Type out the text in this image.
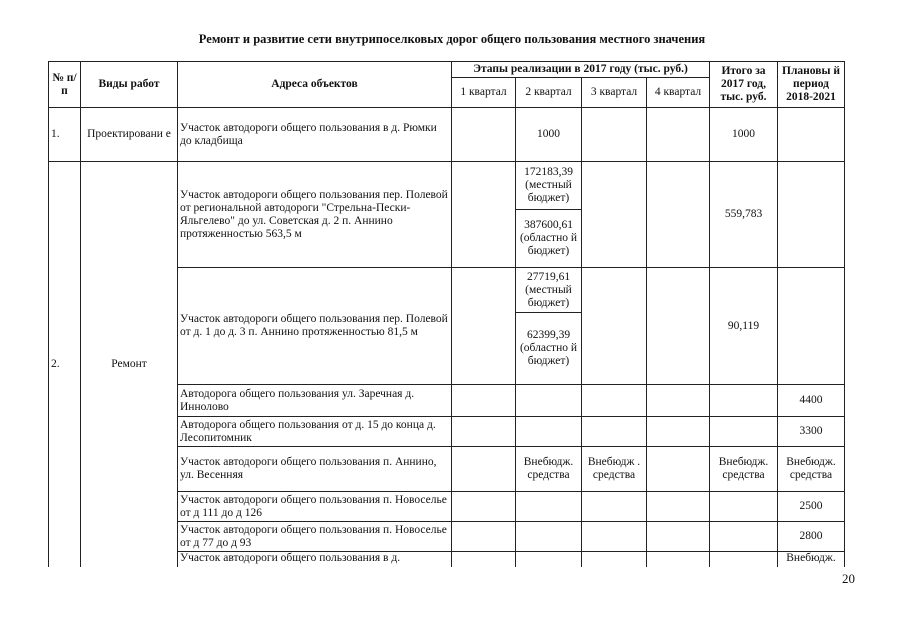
Ремонт и развитие сети внутрипоселковых дорог общего пользования местного значения
№ п/ п	Виды работ	Адреса объектов	Этапы реализации в 2017 году (тыс. руб.)				Итого за 2017 год, тыс. руб.	Плановы й период 2018-2021
			1 квартал	2 квартал	3 квартал	4 квартал		
1.	Проектировани е	Участок автодороги общего пользования в д. Рюмки до кладбища		1000			1000	
2.	Ремонт	Участок автодороги общего пользования пер. Полевой от региональной автодороги "Стрельна-Пески-Яльгелево" до ул. Советская д. 2 п. Аннино протяженностью 563,5 м		172183,39 (местный бюджет)			559,783	
				387600,61 (областно й бюджет)				
		Участок автодороги общего пользования пер. Полевой от д. 1 до д. 3 п. Аннино протяженностью 81,5 м		27719,61 (местный бюджет)			90,119	
				62399,39 (областно й бюджет)				
		Автодорога общего пользования ул. Заречная д. Иннолово						4400
		Автодорога общего пользования от д. 15 до конца д. Лесопитомник						3300
		Участок автодороги общего пользования п. Аннино, ул. Весенняя		Внебюдж. средства	Внебюдж . средства		Внебюдж. средства	Внебюдж. средства
		Участок автодороги общего пользования п. Новоселье от д 111 до д 126						2500
		Участок автодороги общего пользования п. Новоселье от д 77 до д 93						2800
		Участок автодороги общего пользования в д.						Внебюдж.
20
